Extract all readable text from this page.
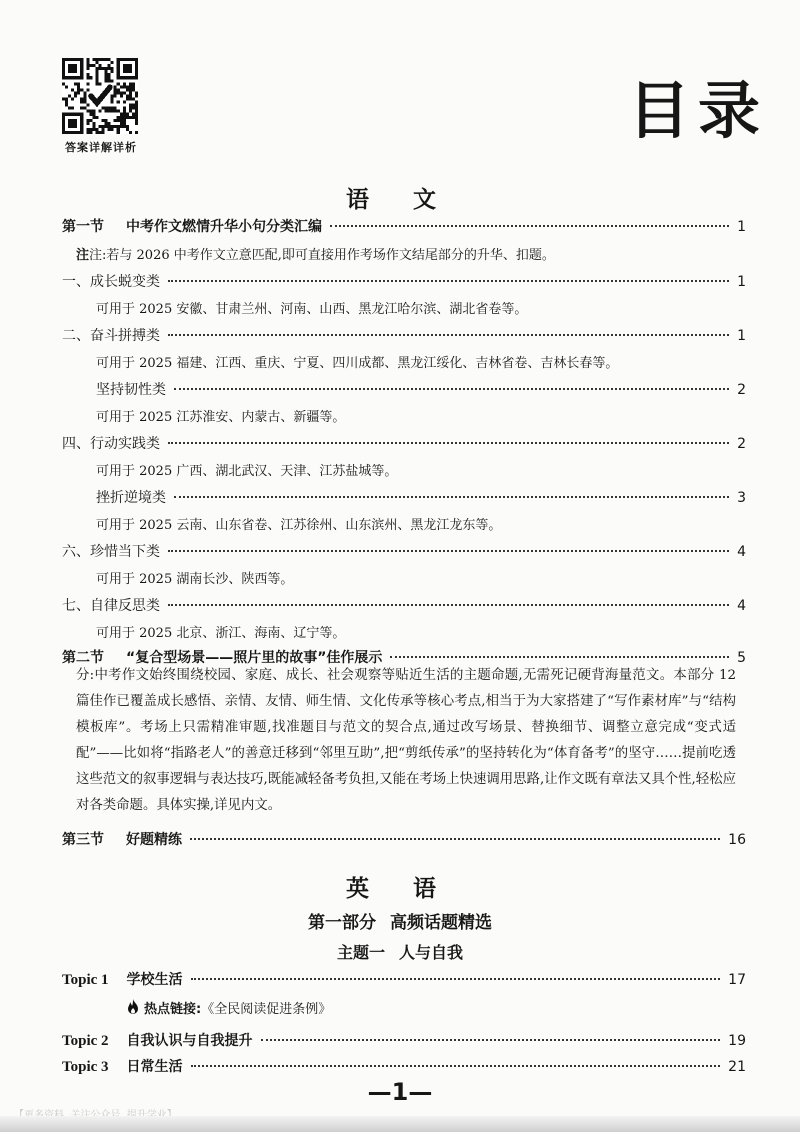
答案详解详析
目录
语 文
第一节 中考作文燃情升华小句分类汇编	1
注注:若与 2026 中考作文立意匹配,即可直接用作考场作文结尾部分的升华、扣题。
一、成长蜕变类	1
可用于 2025 安徽、甘肃兰州、河南、山西、黑龙江哈尔滨、湖北省卷等。
二、奋斗拼搏类	1
可用于 2025 福建、江西、重庆、宁夏、四川成都、黑龙江绥化、吉林省卷、吉林长春等。
坚持韧性类	2
可用于 2025 江苏淮安、内蒙古、新疆等。
四、行动实践类	2
可用于 2025 广西、湖北武汉、天津、江苏盐城等。
挫折逆境类	3
可用于 2025 云南、山东省卷、江苏徐州、山东滨州、黑龙江龙东等。
六、珍惜当下类	4
可用于 2025 湖南长沙、陕西等。
七、自律反思类	4
可用于 2025 北京、浙江、海南、辽宁等。
第二节 “复合型场景——照片里的故事”佳作展示	5
分:中考作文始终围绕校园、家庭、成长、社会观察等贴近生活的主题命题,无需死记硬背海量范文。本部分 12 篇佳作已覆盖成长感悟、亲情、友情、师生情、文化传承等核心考点,相当于为大家搭建了“写作素材库”与“结构模板库”。考场上只需精准审题,找准题目与范文的契合点,通过改写场景、替换细节、调整立意完成“变式适配”——比如将“指路老人”的善意迁移到“邻里互助”,把“剪纸传承”的坚持转化为“体育备考”的坚守……提前吃透这些范文的叙事逻辑与表达技巧,既能减轻备考负担,又能在考场上快速调用思路,让作文既有章法又具个性,轻松应对各类命题。具体实操,详见内文。
第三节 好题精练	16
英 语
第一部分 高频话题精选
主题一 人与自我
Topic 1 学校生活	17
热点链接:《全民阅读促进条例》
Topic 2 自我认识与自我提升	19
Topic 3 日常生活	21
—1—
